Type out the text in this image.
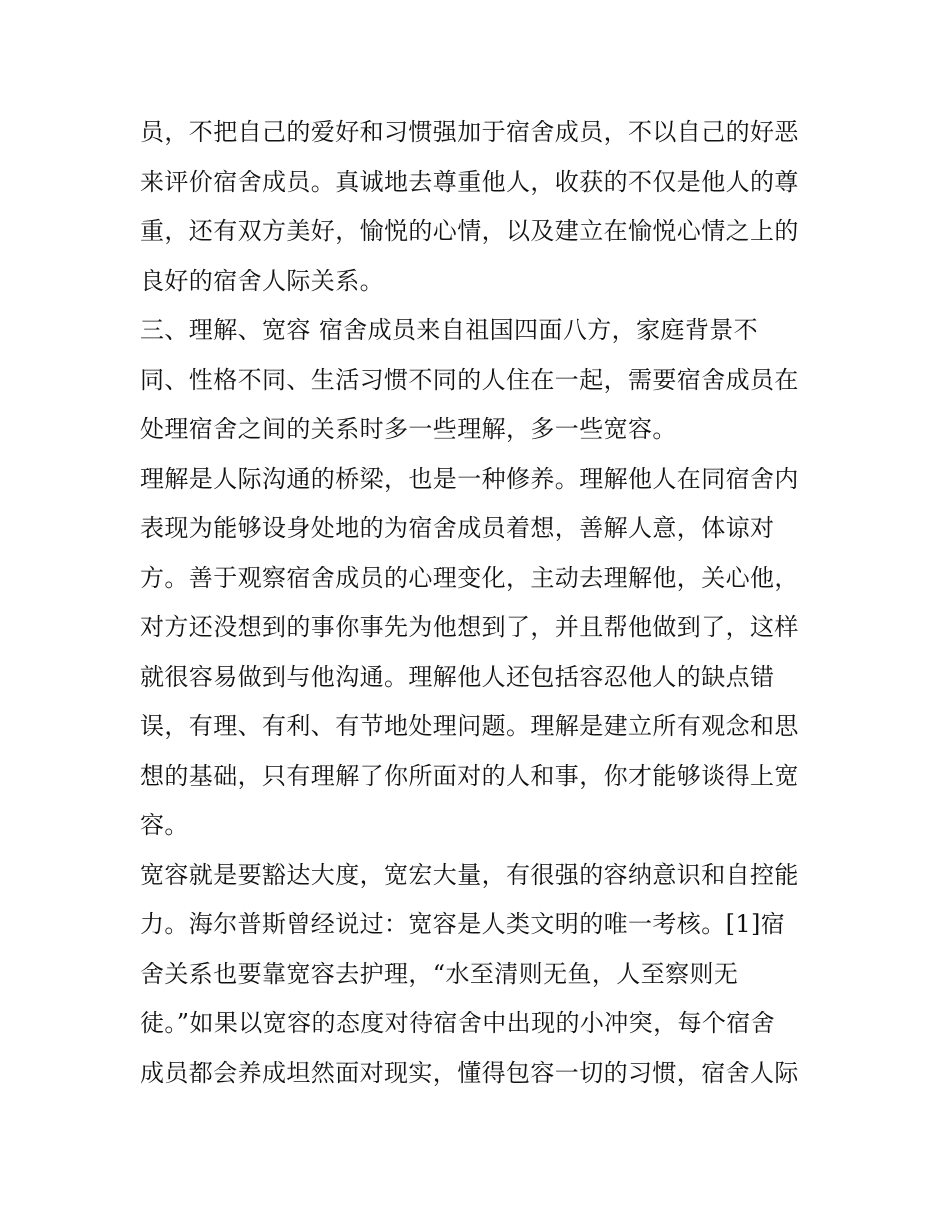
员，不把自己的爱好和习惯强加于宿舍成员，不以自己的好恶
来评价宿舍成员。真诚地去尊重他人，收获的不仅是他人的尊
重，还有双方美好，愉悦的心情，以及建立在愉悦心情之上的
良好的宿舍人际关系。
三、理解、宽容 宿舍成员来自祖国四面八方，家庭背景不
同、性格不同、生活习惯不同的人住在一起，需要宿舍成员在
处理宿舍之间的关系时多一些理解，多一些宽容。
理解是人际沟通的桥梁，也是一种修养。理解他人在同宿舍内
表现为能够设身处地的为宿舍成员着想，善解人意，体谅对
方。善于观察宿舍成员的心理变化，主动去理解他，关心他，
对方还没想到的事你事先为他想到了，并且帮他做到了，这样
就很容易做到与他沟通。理解他人还包括容忍他人的缺点错
误，有理、有利、有节地处理问题。理解是建立所有观念和思
想的基础，只有理解了你所面对的人和事，你才能够谈得上宽
容。
宽容就是要豁达大度，宽宏大量，有很强的容纳意识和自控能
力。海尔普斯曾经说过：宽容是人类文明的唯一考核。[1]宿
舍关系也要靠宽容去护理，“水至清则无鱼，人至察则无
徒。”如果以宽容的态度对待宿舍中出现的小冲突，每个宿舍
成员都会养成坦然面对现实，懂得包容一切的习惯，宿舍人际
